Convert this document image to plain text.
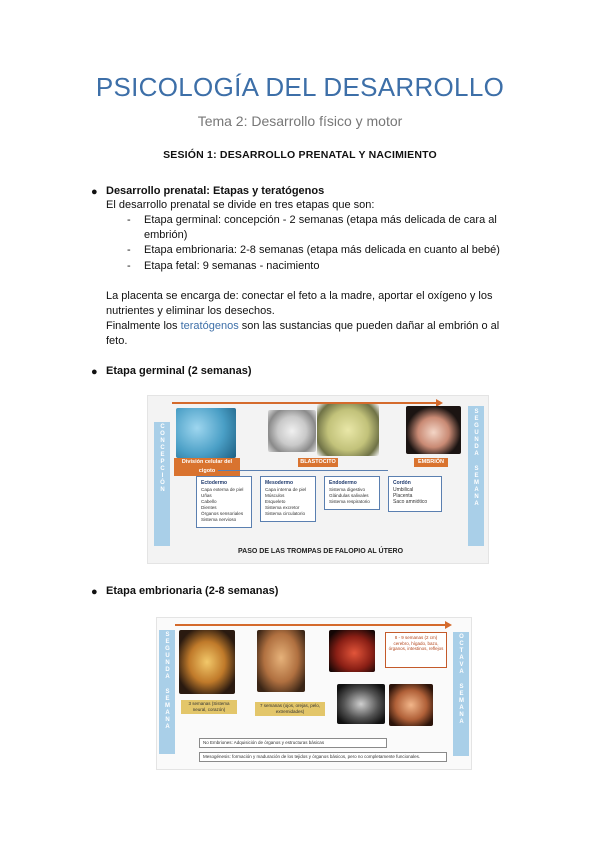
PSICOLOGÍA DEL DESARROLLO
Tema 2: Desarrollo físico y motor
SESIÓN 1: DESARROLLO PRENATAL Y NACIMIENTO
● Desarrollo prenatal: Etapas y teratógenos
El desarrollo prenatal se divide en tres etapas que son:
- Etapa germinal: concepción - 2 semanas (etapa más delicada de cara al
embrión)
- Etapa embrionaria: 2-8 semanas (etapa más delicada en cuanto al bebé)
- Etapa fetal: 9 semanas - nacimiento
La placenta se encarga de: conectar el feto a la madre, aportar el oxígeno y los
nutrientes y eliminar los desechos.
Finalmente los teratógenos son las sustancias que pueden dañar al embrión o al
feto.
● Etapa germinal (2 semanas)
CONCEPCIÓN	SEGUNDA
SEMANA
División celular del cigoto
BLASTOCITO	EMBRIÓN
Ectodermo
Capa externa de piel
Uñas
Cabello
Dientes
Órganos sensoriales
Sistema nervioso
Mesodermo
Capa interna de piel
Músculos
Esqueleto
Sistema excretor
Sistema circulatorio
Endodermo
Sistema digestivo
Glándulas salivales
Sistema respiratorio
Cordón
Umbilical
Placenta
Saco amniótico
PASO DE LAS TROMPAS DE FALOPIO AL ÚTERO
● Etapa embrionaria (2-8 semanas)
SEGUNDA
SEMANA
OCTAVA
SEMANA
3 semanas (Sistema neural, corazón)
7 semanas (ojos, orejas, pelo, extremidades)
8 - 9 semanas (2 cm) cerebro, hígado, bazo, órganos, intestinos, reflejos
No Embriones: Adquisición de órganos y estructuras básicas
Mesogénesis: formación y maduración de los tejidos y órganos básicos, pero no completamente funcionales.
